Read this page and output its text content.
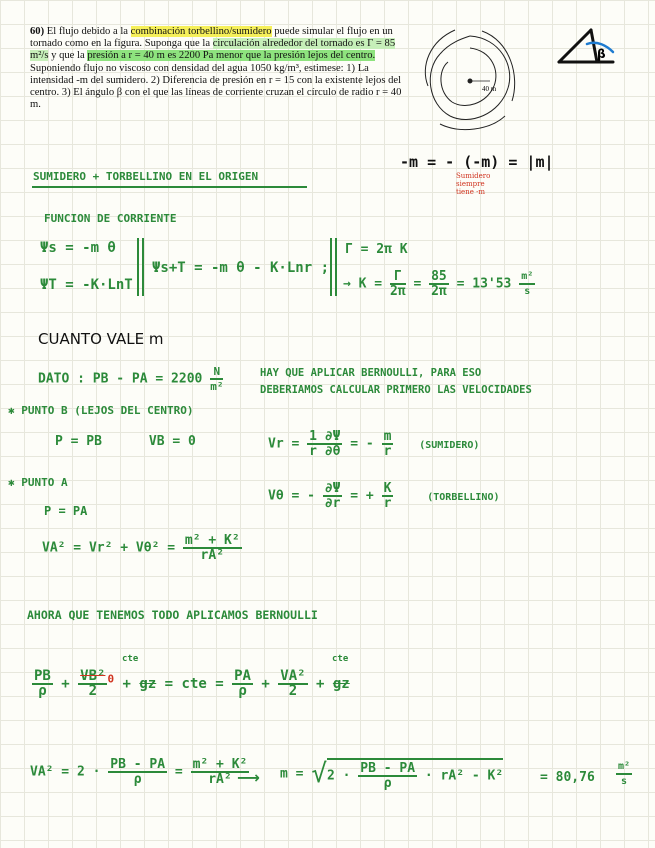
60) El flujo debido a la combinación torbellino/sumidero puede simular el flujo en un tornado como en la figura. Suponga que la circulación alrededor del tornado es Γ = 85 m²/s y que la presión a r = 40 m es 2200 Pa menor que la presión lejos del centro. Suponiendo flujo no viscoso con densidad del agua 1050 kg/m³, estimese: 1) La intensidad -m del sumidero. 2) Diferencia de presión en r = 15 con la existente lejos del centro. 3) El ángulo β con el que las líneas de corriente cruzan el círculo de radio r = 40 m.
40 m
β
-m = - (-m) = |m|
Sumidero
siempre
tiene -m
SUMIDERO + TORBELLINO EN EL ORIGEN
FUNCION DE CORRIENTE
Ψs = -m θ
ΨT = -K·LnT
Ψs+T = -m θ - K·Lnr ;
Γ = 2π K
→ $K = \frac{\Gamma}{2\pi} = \frac{85}{2\pi} = 13'53 \frac{\text{m²}}{s}$
CUANTO VALE m
DATO : PB - PA = $2200 \frac{N}{\text{m²}}$	HAY QUE APLICAR BERNOULLI, PARA ESO
DEBERIAMOS CALCULAR PRIMERO LAS VELOCIDADES
✱ PUNTO B (LEJOS DEL CENTRO)
P = PB      VB = 0	$Vr = \frac{1 \partial\Psi}{r \partial\theta}$ = - $\frac{m}{r}$	(SUMIDERO)
✱ PUNTO A
P = PA
Vθ = - $\frac{\partial\Psi}{\partial r}$ = + $\frac{K}{r}$	(TORBELLINO)
$VA^2 = Vr^2 + V\theta^2 = \frac{\text{m² + K²}}{\text{rA²}}$
AHORA QUE TENEMOS TODO APLICAMOS BERNOULLI
cte	cte
$\frac{PB}{\rho} + \frac{\text{VB²}}{2} ^0$ + gz = cte = $\frac{PA}{\rho} + \frac{\text{VA²}}{2}$ + gz
$VA^2 = 2 \cdot \frac{PB - PA}{\rho} = \frac{\text{m² + K²}}{\text{rA²}}$
⟶ $m = √2 \cdot \frac{PB - PA}{\rho} \cdot rA^2 - K^2$	= $80,76 \frac{\text{m²}}{s}$
